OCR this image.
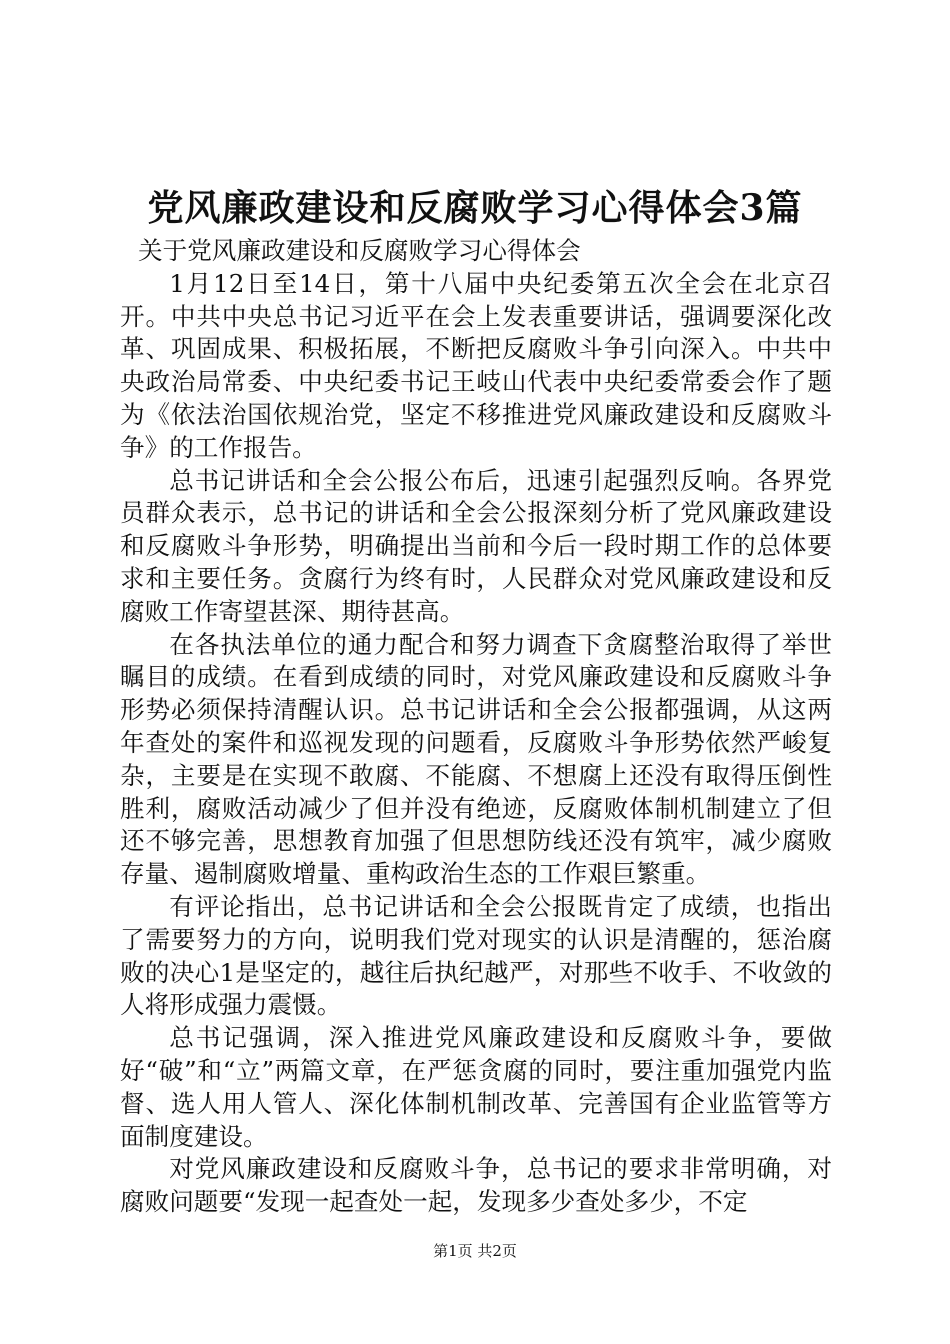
党风廉政建设和反腐败学习心得体会3篇

关于党风廉政建设和反腐败学习心得体会

1月12日至14日，第十八届中央纪委第五次全会在北京召开。中共中央总书记习近平在会上发表重要讲话，强调要深化改革、巩固成果、积极拓展，不断把反腐败斗争引向深入。中共中央政治局常委、中央纪委书记王岐山代表中央纪委常委会作了题为《依法治国依规治党，坚定不移推进党风廉政建设和反腐败斗争》的工作报告。

总书记讲话和全会公报公布后，迅速引起强烈反响。各界党员群众表示，总书记的讲话和全会公报深刻分析了党风廉政建设和反腐败斗争形势，明确提出当前和今后一段时期工作的总体要求和主要任务。贪腐行为终有时，人民群众对党风廉政建设和反腐败工作寄望甚深、期待甚高。

在各执法单位的通力配合和努力调查下贪腐整治取得了举世瞩目的成绩。在看到成绩的同时，对党风廉政建设和反腐败斗争形势必须保持清醒认识。总书记讲话和全会公报都强调，从这两年查处的案件和巡视发现的问题看，反腐败斗争形势依然严峻复杂，主要是在实现不敢腐、不能腐、不想腐上还没有取得压倒性胜利，腐败活动减少了但并没有绝迹，反腐败体制机制建立了但还不够完善，思想教育加强了但思想防线还没有筑牢，减少腐败存量、遏制腐败增量、重构政治生态的工作艰巨繁重。

有评论指出，总书记讲话和全会公报既肯定了成绩，也指出了需要努力的方向，说明我们党对现实的认识是清醒的，惩治腐败的决心1是坚定的，越往后执纪越严，对那些不收手、不收敛的人将形成强力震慑。

总书记强调，深入推进党风廉政建设和反腐败斗争，要做好“破”和“立”两篇文章，在严惩贪腐的同时，要注重加强党内监督、选人用人管人、深化体制机制改革、完善国有企业监管等方面制度建设。

对党风廉政建设和反腐败斗争，总书记的要求非常明确，对腐败问题要“发现一起查处一起，发现多少查处多少，不定

第1页 共2页
